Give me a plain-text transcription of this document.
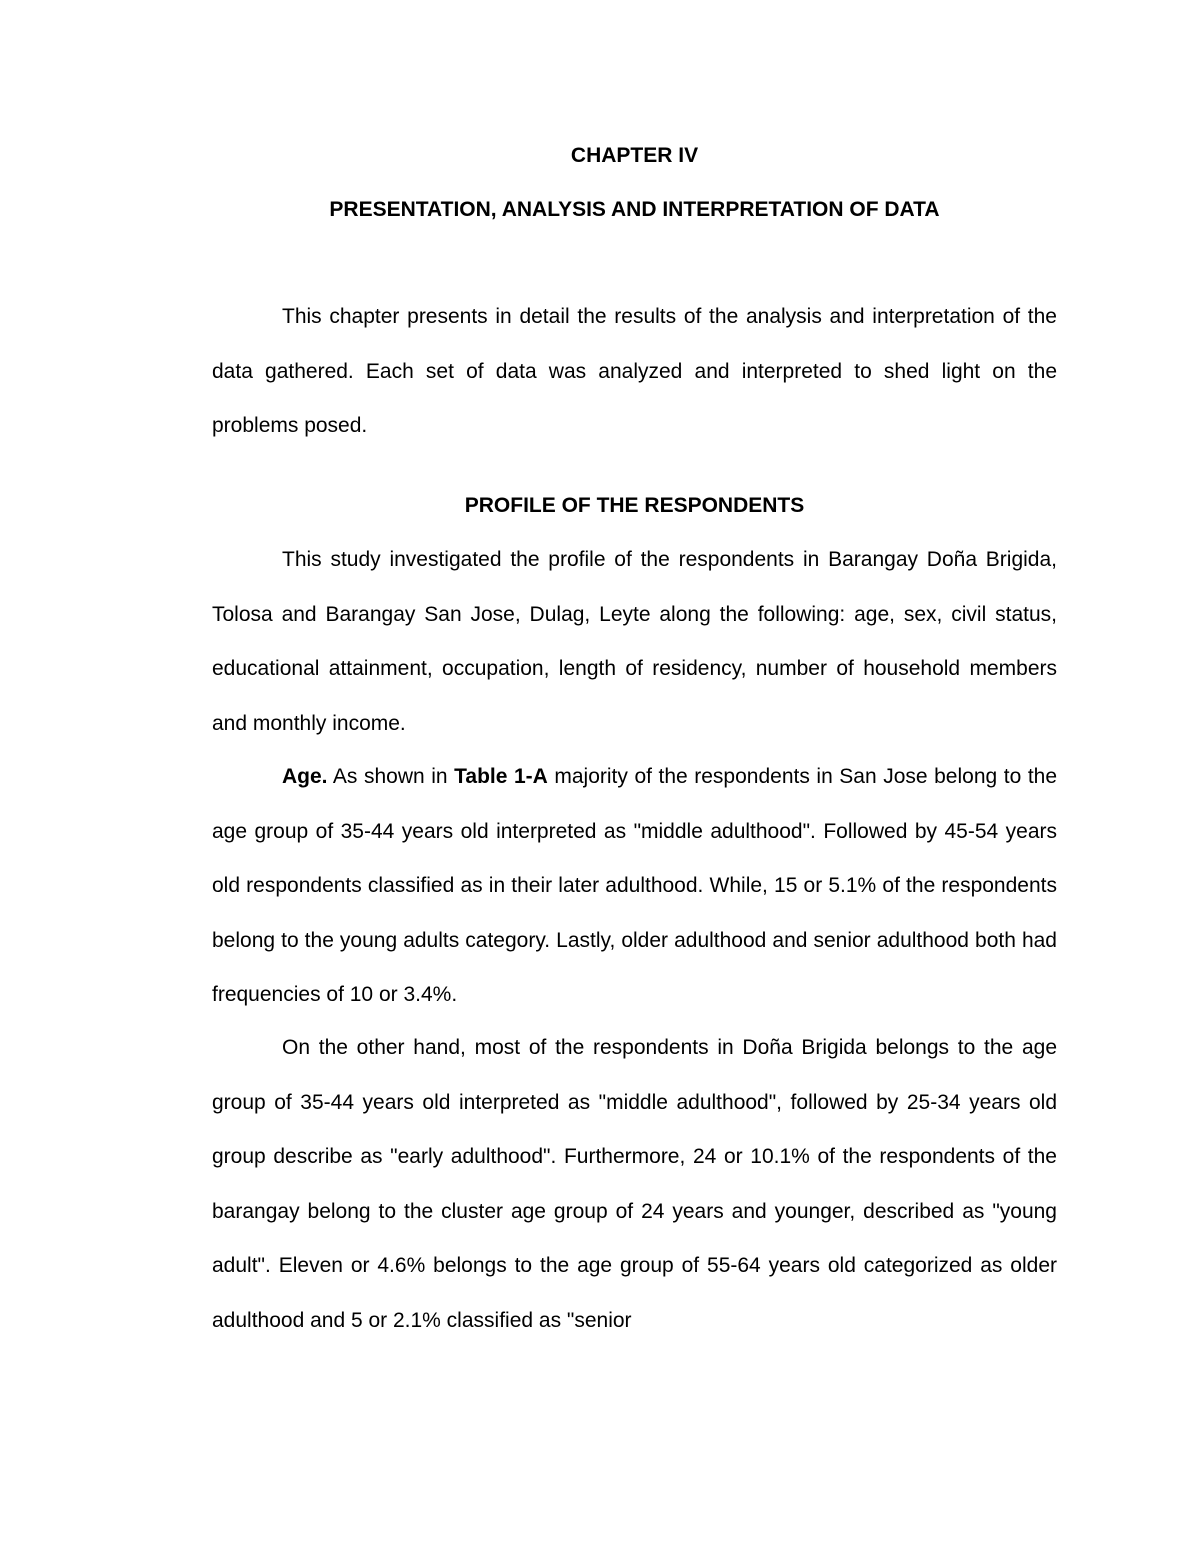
CHAPTER IV
PRESENTATION, ANALYSIS AND INTERPRETATION OF DATA

This chapter presents in detail the results of the analysis and interpretation of the data gathered. Each set of data was analyzed and interpreted to shed light on the problems posed.

PROFILE OF THE RESPONDENTS

This study investigated the profile of the respondents in Barangay Doña Brigida, Tolosa and Barangay San Jose, Dulag, Leyte along the following: age, sex, civil status, educational attainment, occupation, length of residency, number of household members and monthly income.

Age. As shown in Table 1-A majority of the respondents in San Jose belong to the age group of 35-44 years old interpreted as "middle adulthood". Followed by 45-54 years old respondents classified as in their later adulthood. While, 15 or 5.1% of the respondents belong to the young adults category. Lastly, older adulthood and senior adulthood both had frequencies of 10 or 3.4%.

On the other hand, most of the respondents in Doña Brigida belongs to the age group of 35-44 years old interpreted as "middle adulthood", followed by 25-34 years old group describe as "early adulthood". Furthermore, 24 or 10.1% of the respondents of the barangay belong to the cluster age group of 24 years and younger, described as "young adult". Eleven or 4.6% belongs to the age group of 55-64 years old categorized as older adulthood and 5 or 2.1% classified as "senior
